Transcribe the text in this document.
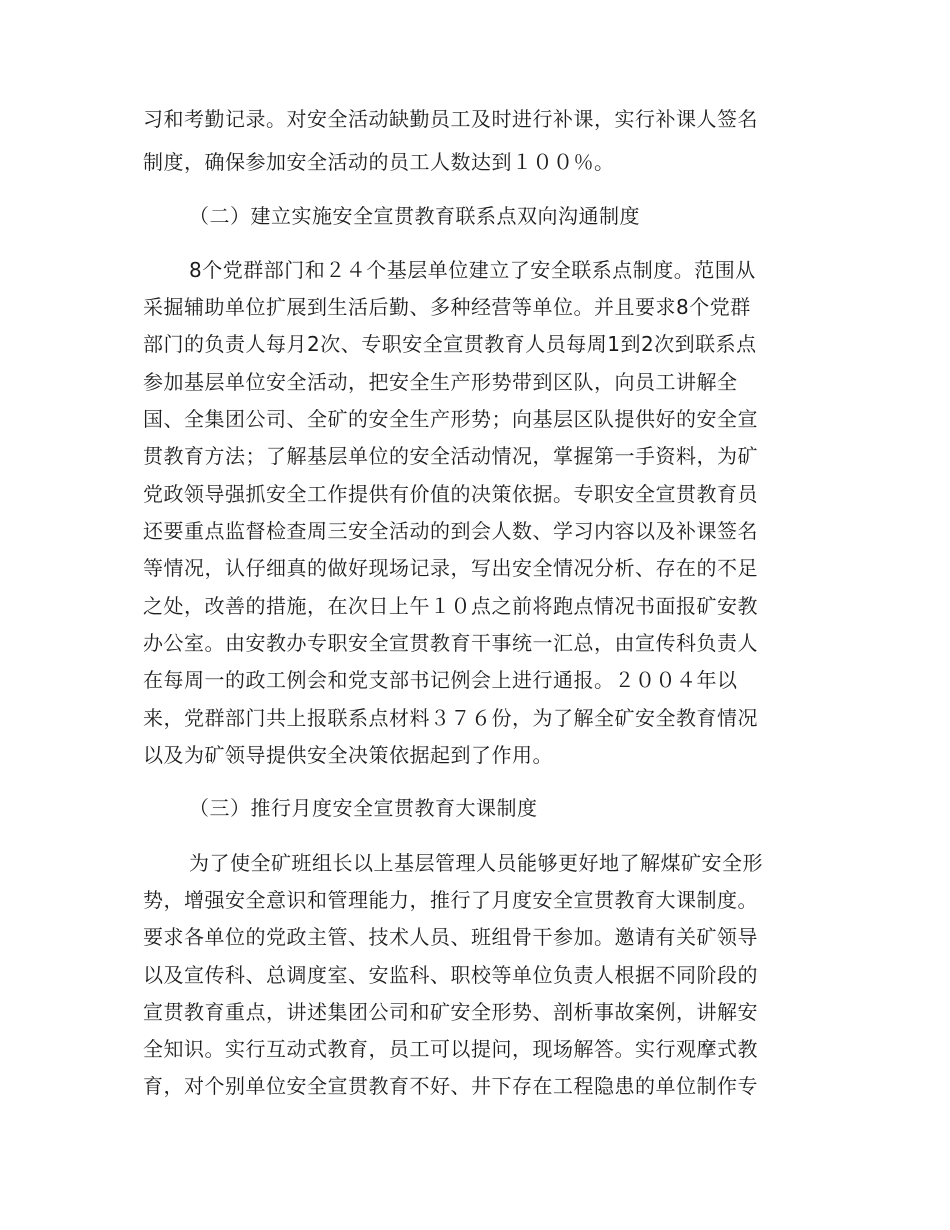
习和考勤记录。对安全活动缺勤员工及时进行补课，实行补课人签名

制度，确保参加安全活动的员工人数达到１００％。

（二）建立实施安全宣贯教育联系点双向沟通制度

8个党群部门和２４个基层单位建立了安全联系点制度。范围从

采掘辅助单位扩展到生活后勤、多种经营等单位。并且要求8个党群

部门的负责人每月2次、专职安全宣贯教育人员每周1到2次到联系点

参加基层单位安全活动，把安全生产形势带到区队，向员工讲解全

国、全集团公司、全矿的安全生产形势；向基层区队提供好的安全宣

贯教育方法；了解基层单位的安全活动情况，掌握第一手资料，为矿

党政领导强抓安全工作提供有价值的决策依据。专职安全宣贯教育员

还要重点监督检查周三安全活动的到会人数、学习内容以及补课签名

等情况，认仔细真的做好现场记录，写出安全情况分析、存在的不足

之处，改善的措施，在次日上午１０点之前将跑点情况书面报矿安教

办公室。由安教办专职安全宣贯教育干事统一汇总，由宣传科负责人

在每周一的政工例会和党支部书记例会上进行通报。２００４年以

来，党群部门共上报联系点材料３７６份，为了解全矿安全教育情况

以及为矿领导提供安全决策依据起到了作用。

（三）推行月度安全宣贯教育大课制度

为了使全矿班组长以上基层管理人员能够更好地了解煤矿安全形

势，增强安全意识和管理能力，推行了月度安全宣贯教育大课制度。

要求各单位的党政主管、技术人员、班组骨干参加。邀请有关矿领导

以及宣传科、总调度室、安监科、职校等单位负责人根据不同阶段的

宣贯教育重点，讲述集团公司和矿安全形势、剖析事故案例，讲解安

全知识。实行互动式教育，员工可以提问，现场解答。实行观摩式教

育，对个别单位安全宣贯教育不好、井下存在工程隐患的单位制作专
